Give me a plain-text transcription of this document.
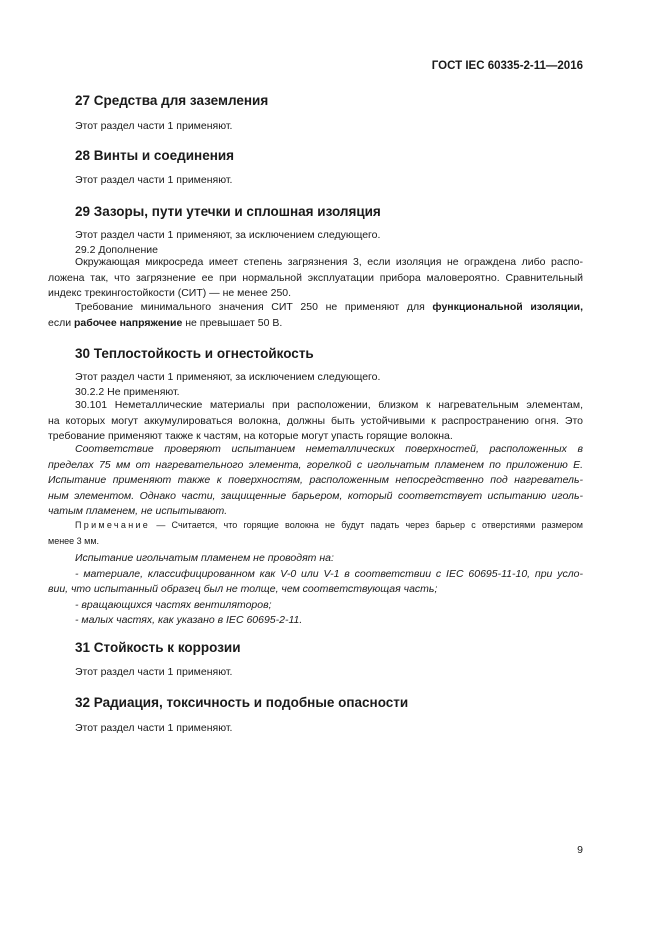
ГОСТ IEC 60335-2-11—2016
27 Средства для заземления
Этот раздел части 1 применяют.
28 Винты и соединения
Этот раздел части 1 применяют.
29 Зазоры, пути утечки и сплошная изоляция
Этот раздел части 1 применяют, за исключением следующего.
29.2 Дополнение
Окружающая микросреда имеет степень загрязнения 3, если изоляция не ограждена либо распо-
ложена так, что загрязнение ее при нормальной эксплуатации прибора маловероятно. Сравнительный
индекс трекингостойкости (СИТ) — не менее 250.
Требование минимального значения СИТ 250 не применяют для функциональной изоляции,
если рабочее напряжение не превышает 50 В.
30 Теплостойкость и огнестойкость
Этот раздел части 1 применяют, за исключением следующего.
30.2.2 Не применяют.
30.101 Неметаллические материалы при расположении, близком к нагревательным элементам,
на которых могут аккумулироваться волокна, должны быть устойчивыми к распространению огня. Это
требование применяют также к частям, на которые могут упасть горящие волокна.
Соответствие проверяют испытанием неметаллических поверхностей, расположенных в
пределах 75 мм от нагревательного элемента, горелкой с игольчатым пламенем по приложению Е.
Испытание применяют также к поверхностям, расположенным непосредственно под нагреватель-
ным элементом. Однако части, защищенные барьером, который соответствует испытанию иголь-
чатым пламенем, не испытывают.
Примечание — Считается, что горящие волокна не будут падать через барьер с отверстиями размером
менее 3 мм.
Испытание игольчатым пламенем не проводят на:
- материале, классифицированном как V-0 или V-1 в соответствии с IEC 60695-11-10, при усло-
вии, что испытанный образец был не толще, чем соответствующая часть;
- вращающихся частях вентиляторов;
- малых частях, как указано в IEC 60695-2-11.
31 Стойкость к коррозии
Этот раздел части 1 применяют.
32 Радиация, токсичность и подобные опасности
Этот раздел части 1 применяют.
9
